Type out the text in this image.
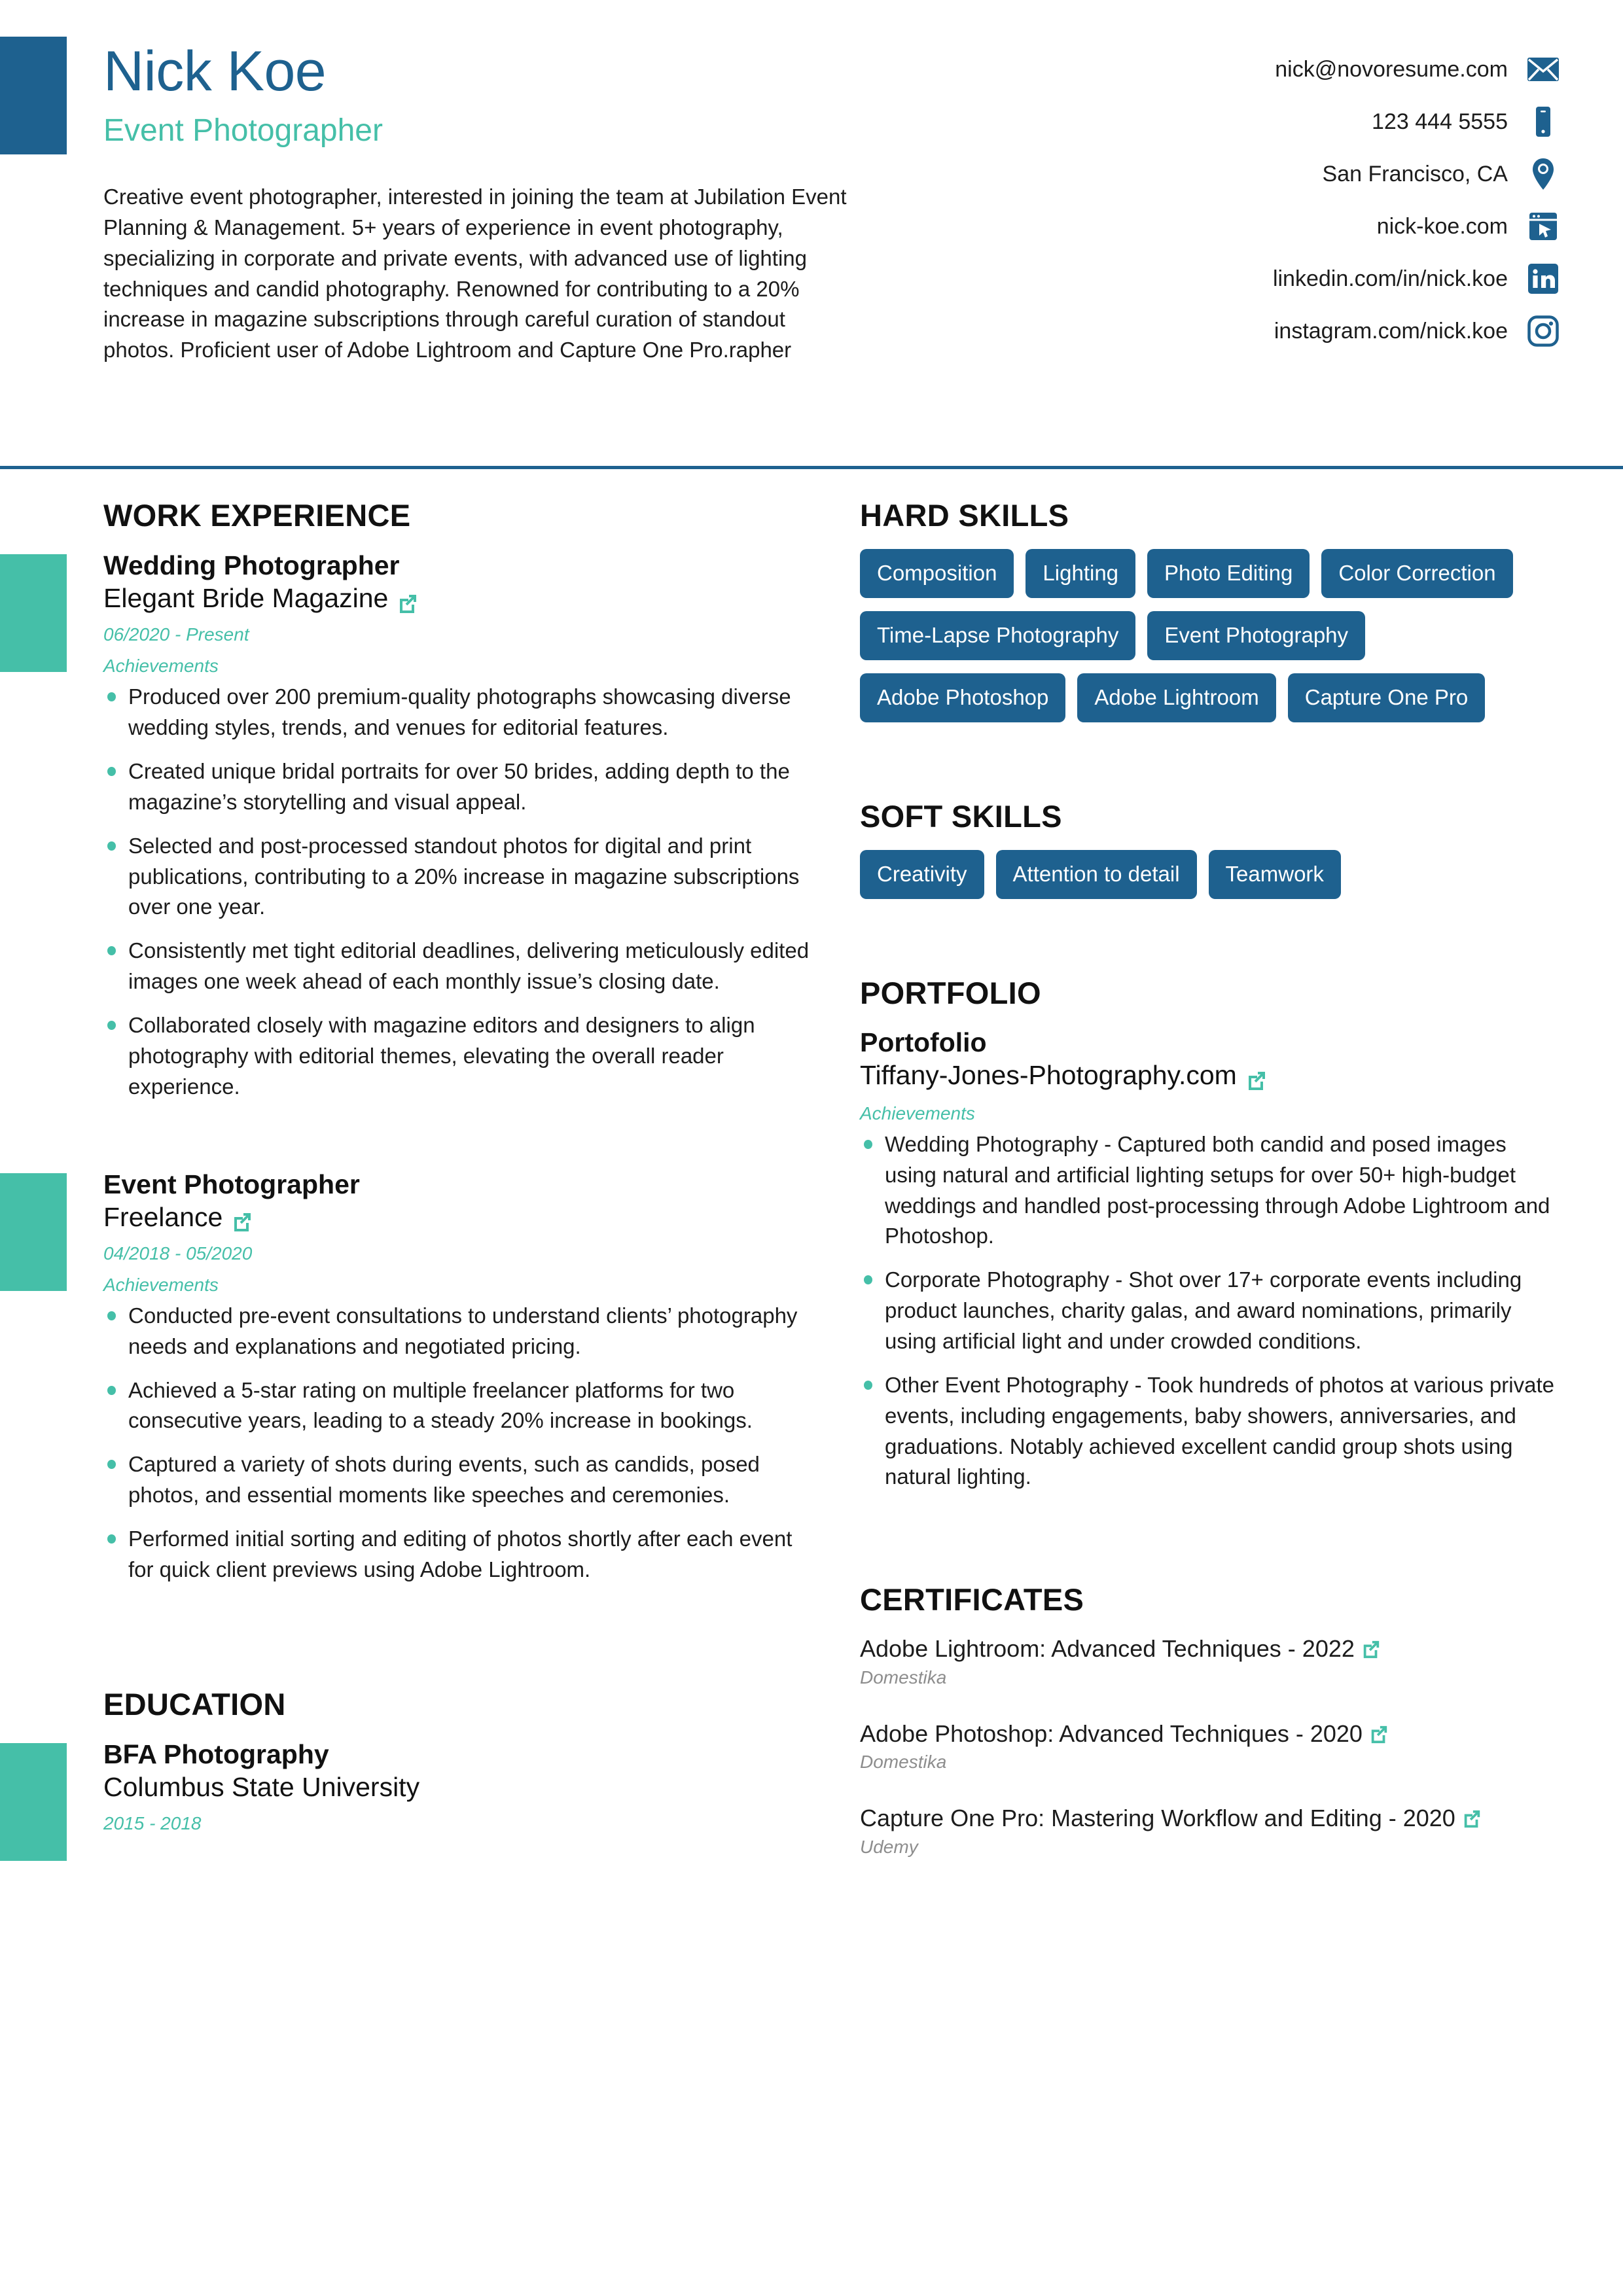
Nick Koe
Event Photographer
Creative event photographer, interested in joining the team at Jubilation Event Planning & Management. 5+ years of experience in event photography, specializing in corporate and private events, with advanced use of lighting techniques and candid photography. Renowned for contributing to a 20% increase in magazine subscriptions through careful curation of standout photos. Proficient user of Adobe Lightroom and Capture One Pro.rapher
nick@novoresume.com
123 444 5555
San Francisco, CA
nick-koe.com
linkedin.com/in/nick.koe
instagram.com/nick.koe
WORK EXPERIENCE
Wedding Photographer
Elegant Bride Magazine
06/2020 - Present
Achievements
Produced over 200 premium-quality photographs showcasing diverse wedding styles, trends, and venues for editorial features.
Created unique bridal portraits for over 50 brides, adding depth to the magazine’s storytelling and visual appeal.
Selected and post-processed standout photos for digital and print publications, contributing to a 20% increase in magazine subscriptions over one year.
Consistently met tight editorial deadlines, delivering meticulously edited images one week ahead of each monthly issue’s closing date.
Collaborated closely with magazine editors and designers to align photography with editorial themes, elevating the overall reader experience.
Event Photographer
Freelance
04/2018 - 05/2020
Achievements
Conducted pre-event consultations to understand clients’ photography needs and explanations and negotiated pricing.
Achieved a 5-star rating on multiple freelancer platforms for two consecutive years, leading to a steady 20% increase in bookings.
Captured a variety of shots during events, such as candids, posed photos, and essential moments like speeches and ceremonies.
Performed initial sorting and editing of photos shortly after each event for quick client previews using Adobe Lightroom.
EDUCATION
BFA Photography
Columbus State University
2015 - 2018
HARD SKILLS
Composition	Lighting	Photo Editing	Color Correction
Time-Lapse Photography	Event Photography
Adobe Photoshop	Adobe Lightroom	Capture One Pro
SOFT SKILLS
Creativity	Attention to detail	Teamwork
PORTFOLIO
Portofolio
Tiffany-Jones-Photography.com
Achievements
Wedding Photography - Captured both candid and posed images using natural and artificial lighting setups for over 50+ high-budget weddings and handled post-processing through Adobe Lightroom and Photoshop.
Corporate Photography - Shot over 17+ corporate events including product launches, charity galas, and award nominations, primarily using artificial light and under crowded conditions.
Other Event Photography - Took hundreds of photos at various private events, including engagements, baby showers, anniversaries, and graduations. Notably achieved excellent candid group shots using natural lighting.
CERTIFICATES
Adobe Lightroom: Advanced Techniques - 2022
Domestika
Adobe Photoshop: Advanced Techniques - 2020
Domestika
Capture One Pro: Mastering Workflow and Editing - 2020
Udemy
